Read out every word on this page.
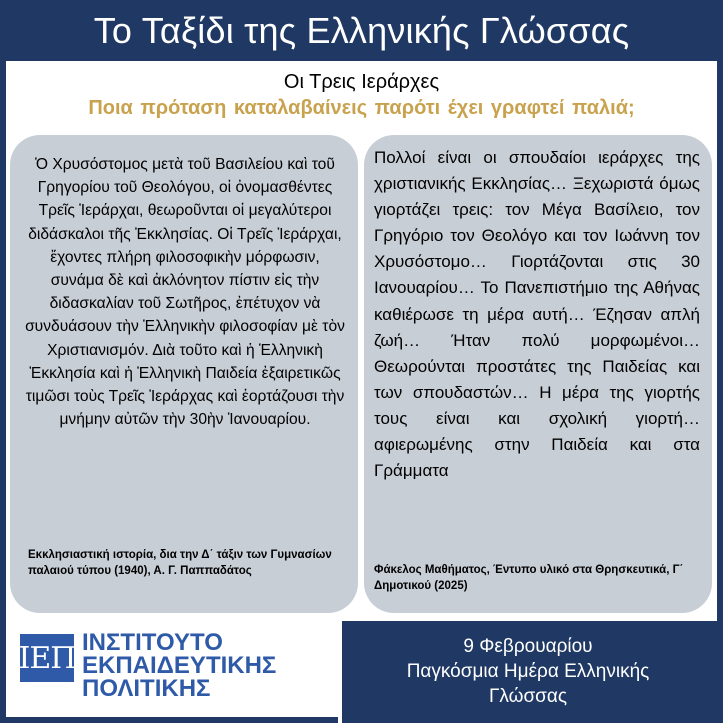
Το Ταξίδι της Ελληνικής Γλώσσας
Οι Τρεις Ιεράρχες
Ποια πρόταση καταλαβαίνεις παρότι έχει γραφτεί παλιά;
Ὁ Χρυσόστομος μετὰ τοῦ Βασιλείου καὶ τοῦ Γρηγορίου τοῦ Θεολόγου, οἱ ὀνομασθέντες Τρεῖς Ἱεράρχαι, θεωροῦνται οἱ μεγαλύτεροι διδάσκαλοι τῆς Ἐκκλησίας. Οἱ Τρεῖς Ἱεράρχαι, ἔχοντες πλήρη φιλοσοφικὴν μόρφωσιν, συνάμα δὲ καὶ ἀκλόνητον πίστιν εἰς τὴν διδασκαλίαν τοῦ Σωτῆρος, ἐπέτυχον νὰ συνδυάσουν τὴν Ἑλληνικὴν φιλοσοφίαν μὲ τὸν Χριστιανισμόν. Διὰ τοῦτο καὶ ἡ Ἑλληνικὴ Ἐκκλησία καὶ ἡ Ἑλληνικὴ Παιδεία ἐξαιρετικῶς τιμῶσι τοὺς Τρεῖς Ἱεράρχας καὶ ἑορτάζουσι τὴν μνήμην αὐτῶν τὴν 30ὴν Ἰανουαρίου.
Εκκλησιαστική ιστορία, δια την Δ΄ τάξιν των Γυμνασίων παλαιού τύπου (1940), Α. Γ. Παππαδάτος
Πολλοί είναι οι σπουδαίοι ιεράρχες της χριστιανικής Εκκλησίας… Ξεχωριστά όμως γιορτάζει τρεις: τον Μέγα Βασίλειο, τον Γρηγόριο τον Θεολόγο και τον Ιωάννη τον Χρυσόστομο… Γιορτάζονται στις 30 Ιανουαρίου… Το Πανεπιστήμιο της Αθήνας καθιέρωσε τη μέρα αυτή… Έζησαν απλή ζωή… Ήταν πολύ μορφωμένοι… Θεωρούνται προστάτες της Παιδείας και των σπουδαστών… Η μέρα της γιορτής τους είναι και σχολική γιορτή… αφιερωμένης στην Παιδεία και στα Γράμματα
Φάκελος Μαθήματος, Έντυπο υλικό στα Θρησκευτικά, Γ΄ Δημοτικού (2025)
ΙΕΠ ΙΝΣΤΙΤΟΥΤΟ
ΕΚΠΑΙΔΕΥΤΙΚΗΣ
ΠΟΛΙΤΙΚΗΣ
9 Φεβρουαρίου
Παγκόσμια Ημέρα Ελληνικής
Γλώσσας
